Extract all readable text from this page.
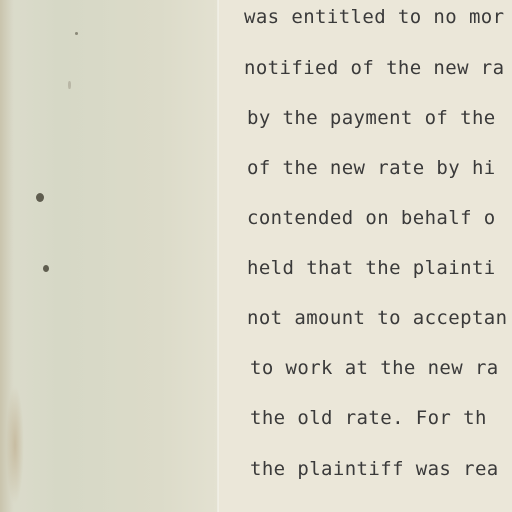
was entitled to no mor
notified of the new ra
by the payment of the
of the new rate by hi
contended on behalf o
held that the plainti
not amount to acceptan
to work at the new ra
the old rate. For th
the plaintiff was rea
